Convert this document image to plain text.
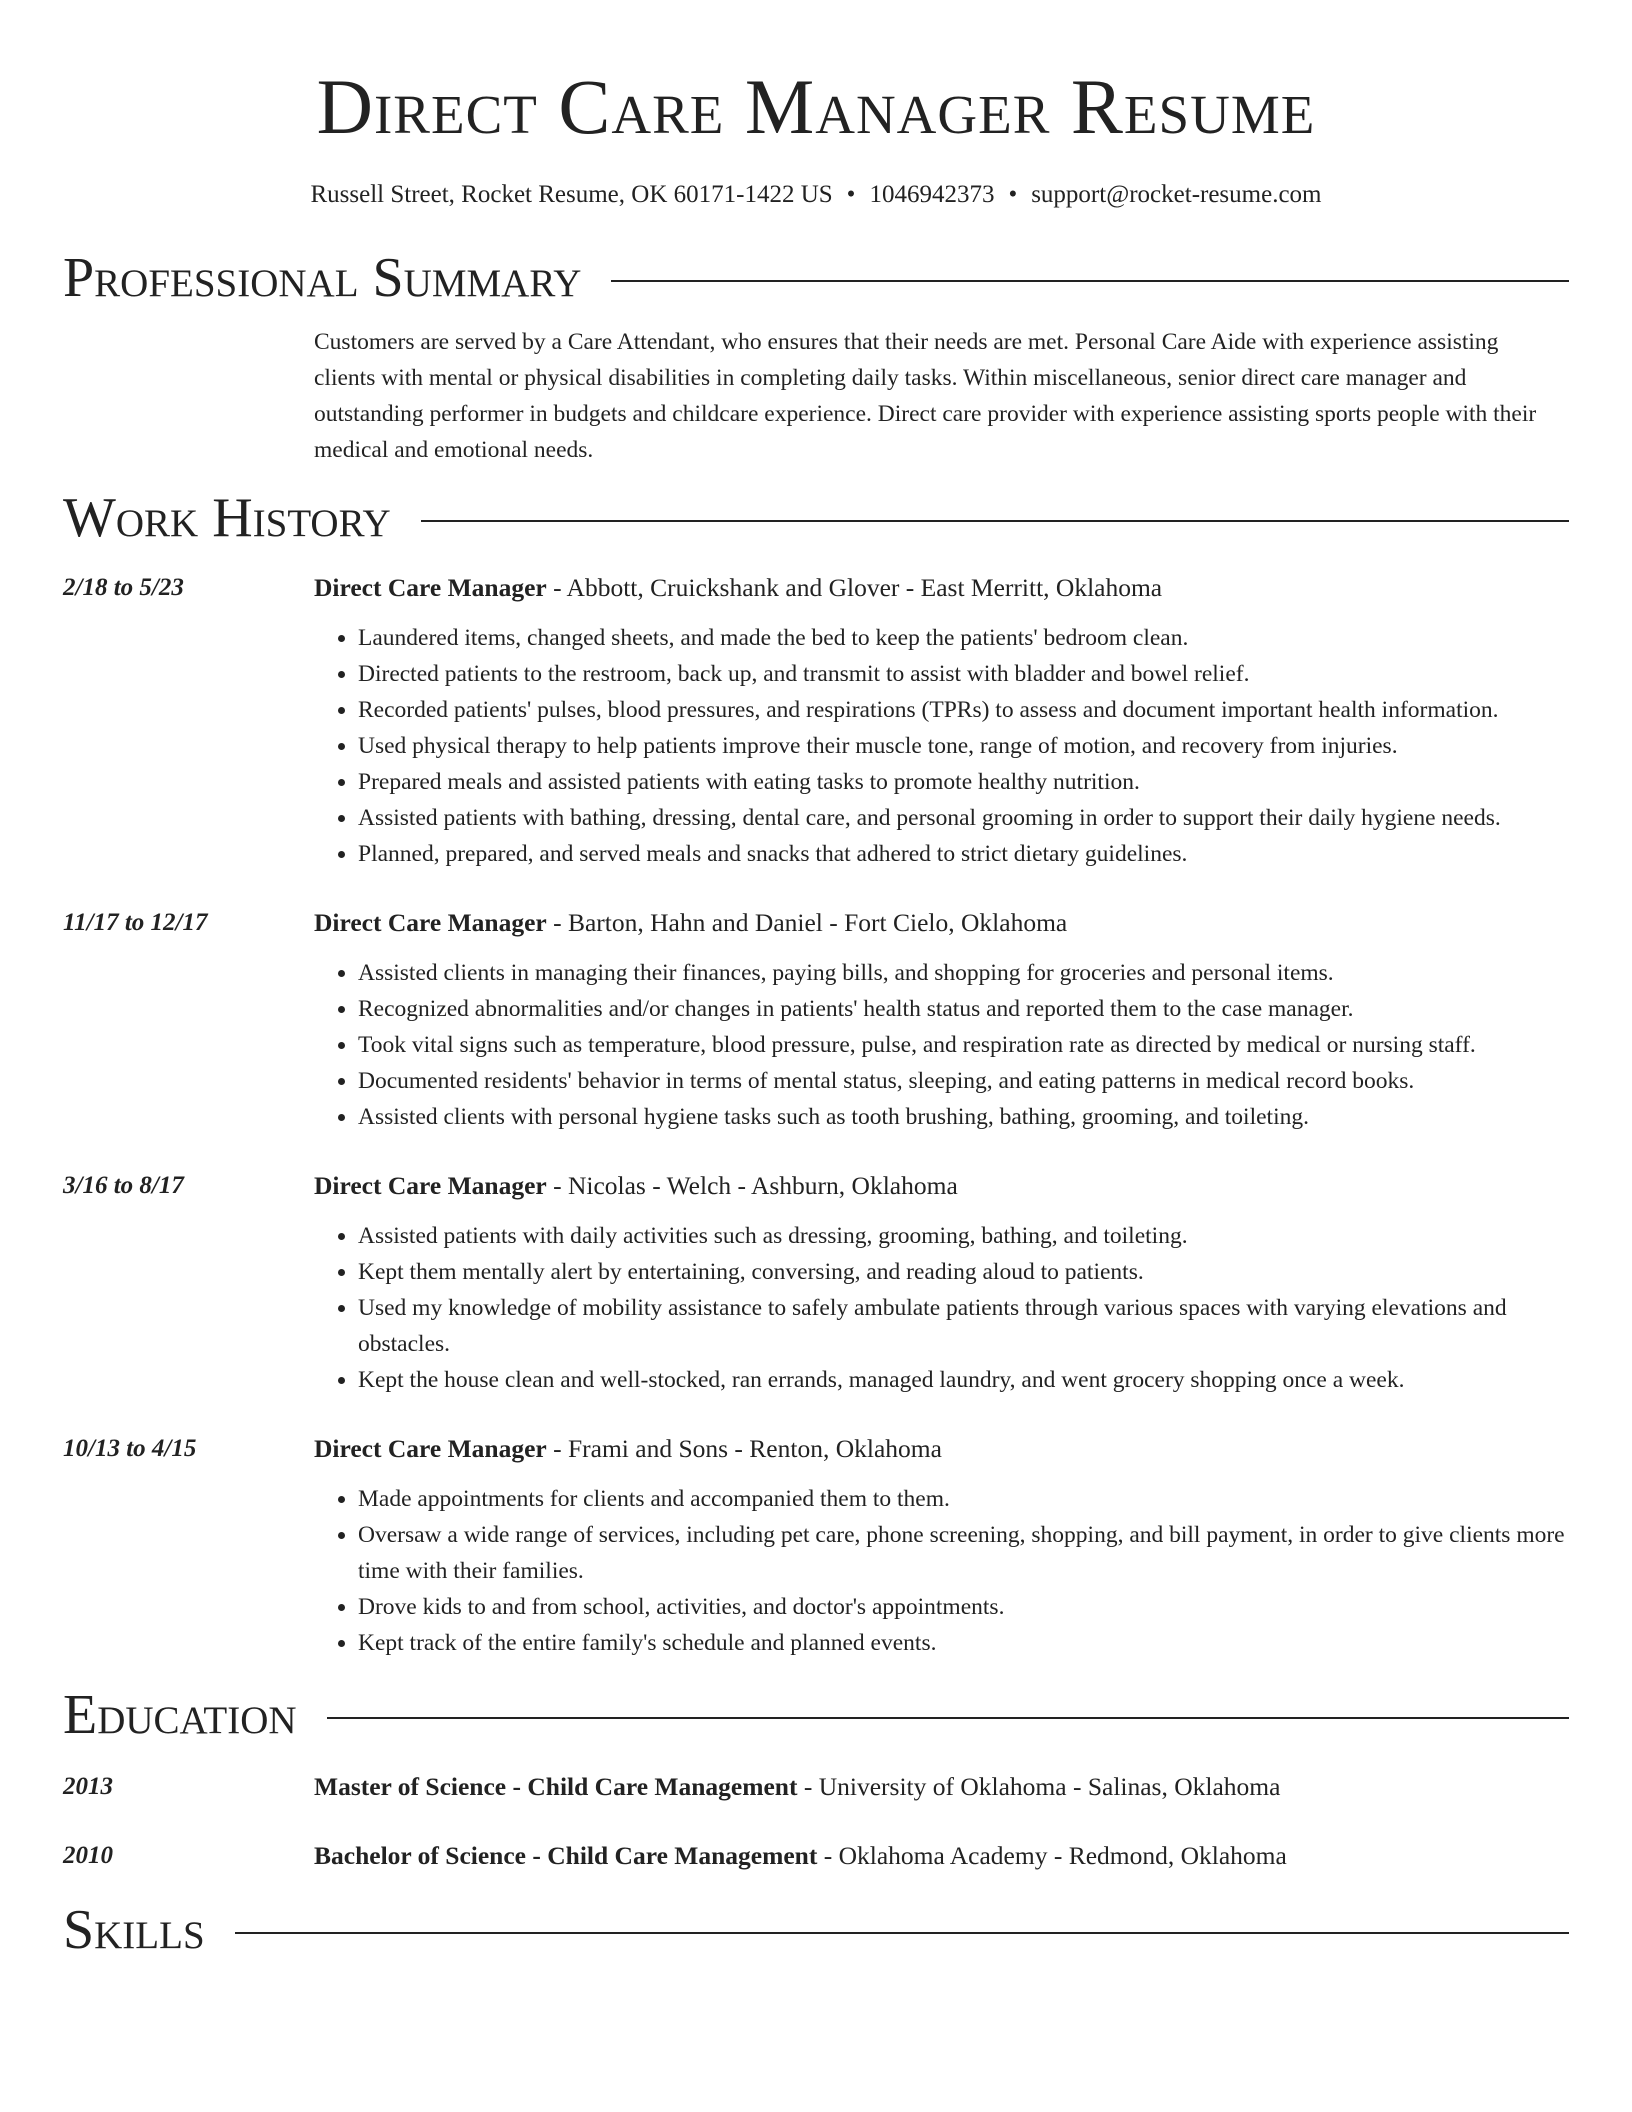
Direct Care Manager Resume
Russell Street, Rocket Resume, OK 60171-1422 US • 1046942373 • support@rocket-resume.com
Professional Summary
Customers are served by a Care Attendant, who ensures that their needs are met. Personal Care Aide with experience assisting clients with mental or physical disabilities in completing daily tasks. Within miscellaneous, senior direct care manager and outstanding performer in budgets and childcare experience. Direct care provider with experience assisting sports people with their medical and emotional needs.
Work History
2/18 to 5/23	Direct Care Manager - Abbott, Cruickshank and Glover - East Merritt, Oklahoma
• Laundered items, changed sheets, and made the bed to keep the patients' bedroom clean.
• Directed patients to the restroom, back up, and transmit to assist with bladder and bowel relief.
• Recorded patients' pulses, blood pressures, and respirations (TPRs) to assess and document important health information.
• Used physical therapy to help patients improve their muscle tone, range of motion, and recovery from injuries.
• Prepared meals and assisted patients with eating tasks to promote healthy nutrition.
• Assisted patients with bathing, dressing, dental care, and personal grooming in order to support their daily hygiene needs.
• Planned, prepared, and served meals and snacks that adhered to strict dietary guidelines.
11/17 to 12/17	Direct Care Manager - Barton, Hahn and Daniel - Fort Cielo, Oklahoma
• Assisted clients in managing their finances, paying bills, and shopping for groceries and personal items.
• Recognized abnormalities and/or changes in patients' health status and reported them to the case manager.
• Took vital signs such as temperature, blood pressure, pulse, and respiration rate as directed by medical or nursing staff.
• Documented residents' behavior in terms of mental status, sleeping, and eating patterns in medical record books.
• Assisted clients with personal hygiene tasks such as tooth brushing, bathing, grooming, and toileting.
3/16 to 8/17	Direct Care Manager - Nicolas - Welch - Ashburn, Oklahoma
• Assisted patients with daily activities such as dressing, grooming, bathing, and toileting.
• Kept them mentally alert by entertaining, conversing, and reading aloud to patients.
• Used my knowledge of mobility assistance to safely ambulate patients through various spaces with varying elevations and obstacles.
• Kept the house clean and well-stocked, ran errands, managed laundry, and went grocery shopping once a week.
10/13 to 4/15	Direct Care Manager - Frami and Sons - Renton, Oklahoma
• Made appointments for clients and accompanied them to them.
• Oversaw a wide range of services, including pet care, phone screening, shopping, and bill payment, in order to give clients more time with their families.
• Drove kids to and from school, activities, and doctor's appointments.
• Kept track of the entire family's schedule and planned events.
Education
2013	Master of Science - Child Care Management - University of Oklahoma - Salinas, Oklahoma
2010	Bachelor of Science - Child Care Management - Oklahoma Academy - Redmond, Oklahoma
Skills
